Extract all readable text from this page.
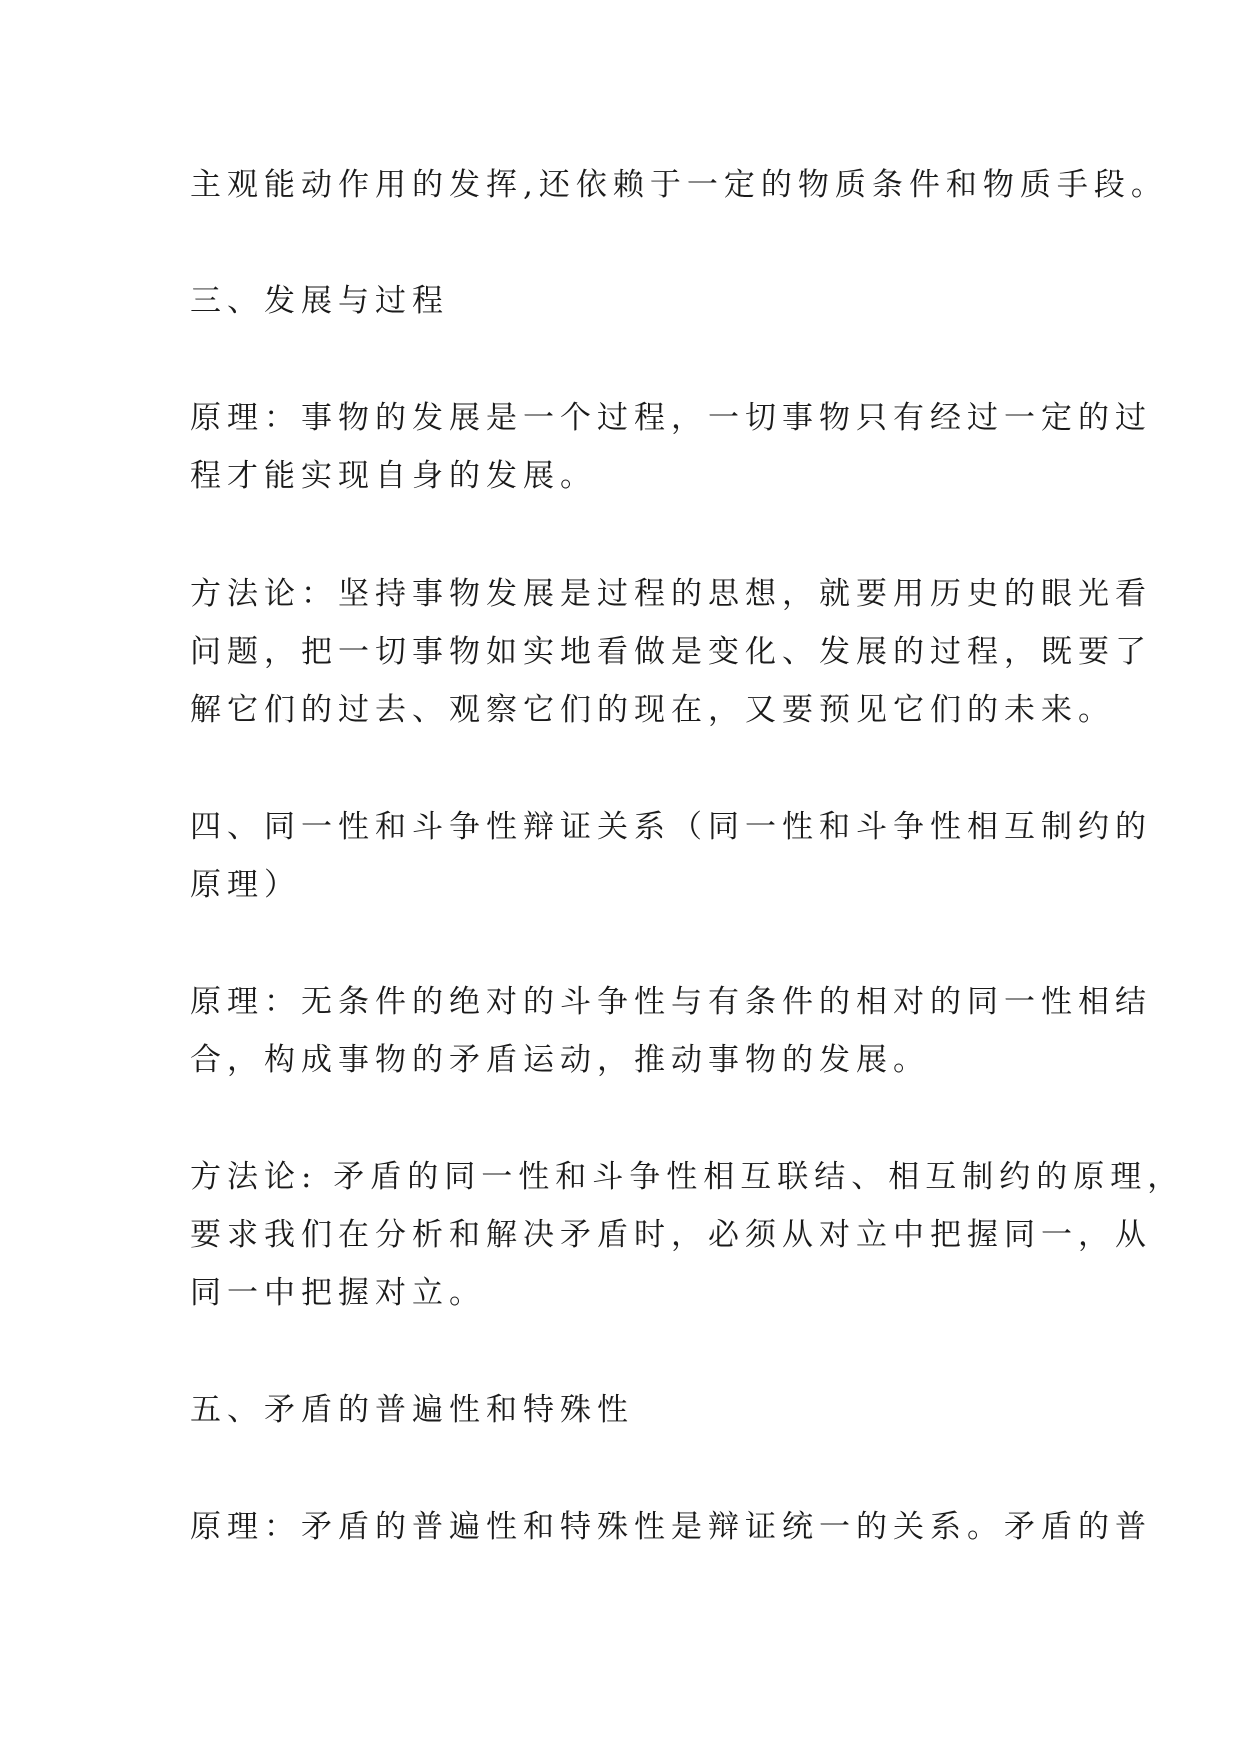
主观能动作用的发挥,还依赖于一定的物质条件和物质手段。
三、发展与过程
原理：事物的发展是一个过程，一切事物只有经过一定的过
程才能实现自身的发展。
方法论：坚持事物发展是过程的思想，就要用历史的眼光看
问题，把一切事物如实地看做是变化、发展的过程，既要了
解它们的过去、观察它们的现在，又要预见它们的未来。
四、同一性和斗争性辩证关系（同一性和斗争性相互制约的
原理）
原理：无条件的绝对的斗争性与有条件的相对的同一性相结
合，构成事物的矛盾运动，推动事物的发展。
方法论: 矛盾的同一性和斗争性相互联结、相互制约的原理，
要求我们在分析和解决矛盾时，必须从对立中把握同一，从
同一中把握对立。
五、矛盾的普遍性和特殊性
原理：矛盾的普遍性和特殊性是辩证统一的关系。矛盾的普
